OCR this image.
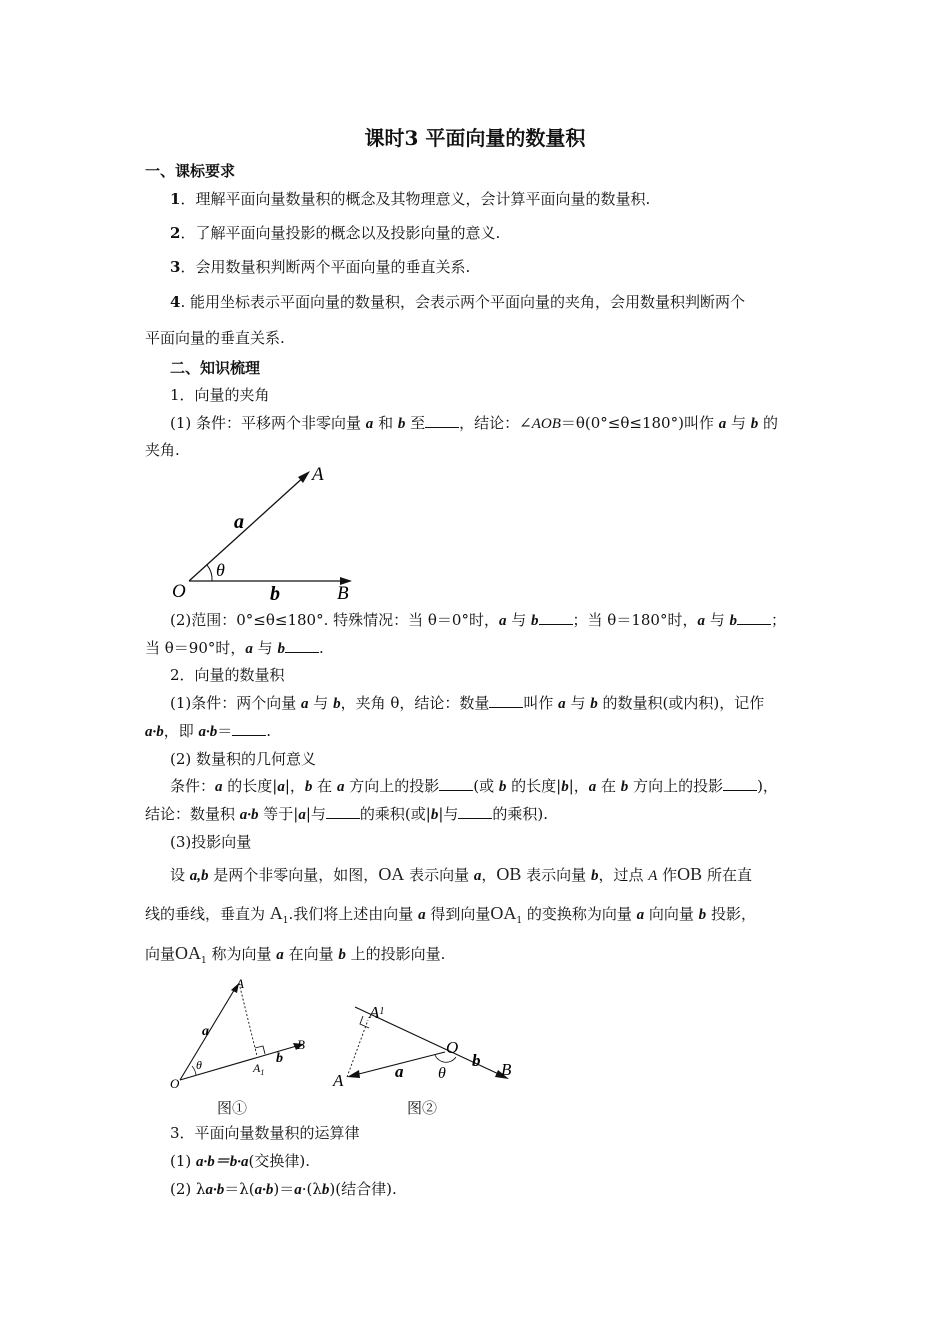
课时3 平面向量的数量积
一、课标要求
1．理解平面向量数量积的概念及其物理意义，会计算平面向量的数量积.
2．了解平面向量投影的概念以及投影向量的意义.
3．会用数量积判断两个平面向量的垂直关系.
4. 能用坐标表示平面向量的数量积，会表示两个平面向量的夹角，会用数量积判断两个
平面向量的垂直关系.
二、知识梳理
1．向量的夹角
(1) 条件：平移两个非零向量 a 和 b 至 ，结论：∠AOB＝θ(0°≤θ≤180°)叫作 a 与 b 的
夹角.
A
O	B
a
b
θ
(2)范围：0°≤θ≤180°. 特殊情况：当 θ＝0°时，a 与 b ；当 θ＝180°时，a 与 b ；
当 θ＝90°时，a 与 b .
2．向量的数量积
(1)条件：两个向量 a 与 b，夹角 θ，结论：数量 叫作 a 与 b 的数量积(或内积)，记作
a·b，即 a·b＝ .
(2) 数量积的几何意义
条件：a 的长度|a|，b 在 a 方向上的投影 (或 b 的长度|b|，a 在 b 方向上的投影 )，
结论：数量积 a·b 等于|a|与 的乘积(或|b|与 的乘积).
(3)投影向量
设 a,b 是两个非零向量，如图，OA 表示向量 a，OB 表示向量 b，过点 A 作OB 所在直
线的垂线，垂直为 $A_1$.我们将上述由向量 a 得到向量$OA_1$ 的变换称为向量 a 向向量 b 投影，
向量$OA_1$ 称为向量 a 在向量 b 上的投影向量.
A
O
B
$A_1$
a
b
θ
$A^1$
O
B
A	a
b
θ
图①	图②
3．平面向量数量积的运算律
(1) a·b＝b·a(交换律).
(2) λa·b＝λ(a·b)＝a·(λb)(结合律).
